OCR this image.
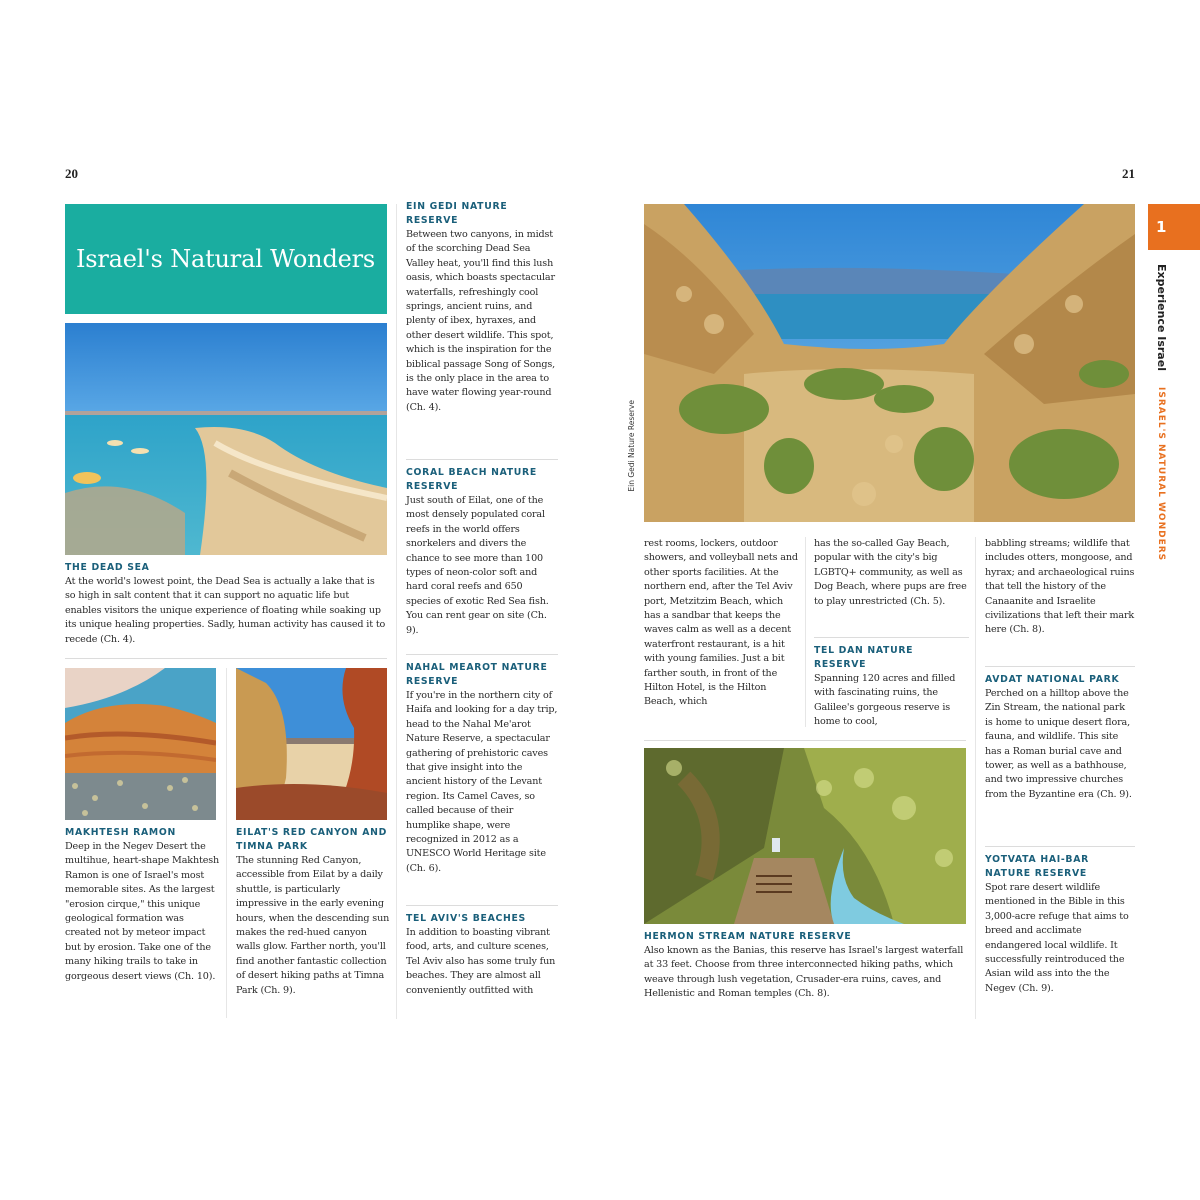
20
Israel's Natural Wonders
THE DEAD SEA
At the world's lowest point, the Dead Sea is actually a lake that is so high in salt content that it can support no aquatic life but enables visitors the unique experience of floating while soaking up its unique healing properties. Sadly, human activity has caused it to recede (Ch. 4).
MAKHTESH RAMON
Deep in the Negev Desert the multihue, heart-shape Makhtesh Ramon is one of Israel's most memorable sites. As the largest "erosion cirque," this unique geological formation was created not by meteor impact but by erosion. Take one of the many hiking trails to take in gorgeous desert views (Ch. 10).
EILAT'S RED CANYON AND TIMNA PARK
The stunning Red Canyon, accessible from Eilat by a daily shuttle, is particularly impressive in the early evening hours, when the descending sun makes the red-hued canyon walls glow. Farther north, you'll find another fantastic collection of desert hiking paths at Timna Park (Ch. 9).
EIN GEDI NATURE RESERVE
Between two canyons, in midst of the scorching Dead Sea Valley heat, you'll find this lush oasis, which boasts spectacular waterfalls, refreshingly cool springs, ancient ruins, and plenty of ibex, hyraxes, and other desert wildlife. This spot, which is the inspiration for the biblical passage Song of Songs, is the only place in the area to have water flowing year-round (Ch. 4).
CORAL BEACH NATURE RESERVE
Just south of Eilat, one of the most densely populated coral reefs in the world offers snorkelers and divers the chance to see more than 100 types of neon-color soft and hard coral reefs and 650 species of exotic Red Sea fish. You can rent gear on site (Ch. 9).
NAHAL MEAROT NATURE RESERVE
If you're in the northern city of Haifa and looking for a day trip, head to the Nahal Me'arot Nature Reserve, a spectacular gathering of prehistoric caves that give insight into the ancient history of the Levant region. Its Camel Caves, so called because of their humplike shape, were recognized in 2012 as a UNESCO World Heritage site (Ch. 6).
TEL AVIV'S BEACHES
In addition to boasting vibrant food, arts, and culture scenes, Tel Aviv also has some truly fun beaches. They are almost all conveniently outfitted with
21
1
Experience Israel ISRAEL'S NATURAL WONDERS
Ein Gedi Nature Reserve
rest rooms, lockers, outdoor showers, and volleyball nets and other sports facilities. At the northern end, after the Tel Aviv port, Metzitzim Beach, which has a sandbar that keeps the waves calm as well as a decent waterfront restaurant, is a hit with young families. Just a bit farther south, in front of the Hilton Hotel, is the Hilton Beach, which
has the so-called Gay Beach, popular with the city's big LGBTQ+ community, as well as Dog Beach, where pups are free to play unrestricted (Ch. 5).
TEL DAN NATURE RESERVE
Spanning 120 acres and filled with fascinating ruins, the Galilee's gorgeous reserve is home to cool,
babbling streams; wildlife that includes otters, mongoose, and hyrax; and archaeological ruins that tell the history of the Canaanite and Israelite civilizations that left their mark here (Ch. 8).
AVDAT NATIONAL PARK
Perched on a hilltop above the Zin Stream, the national park is home to unique desert flora, fauna, and wildlife. This site has a Roman burial cave and tower, as well as a bathhouse, and two impressive churches from the Byzantine era (Ch. 9).
YOTVATA HAI-BAR NATURE RESERVE
Spot rare desert wildlife mentioned in the Bible in this 3,000-acre refuge that aims to breed and acclimate endangered local wildlife. It successfully reintroduced the Asian wild ass into the the Negev (Ch. 9).
HERMON STREAM NATURE RESERVE
Also known as the Banias, this reserve has Israel's largest waterfall at 33 feet. Choose from three interconnected hiking paths, which weave through lush vegetation, Crusader-era ruins, caves, and Hellenistic and Roman temples (Ch. 8).
